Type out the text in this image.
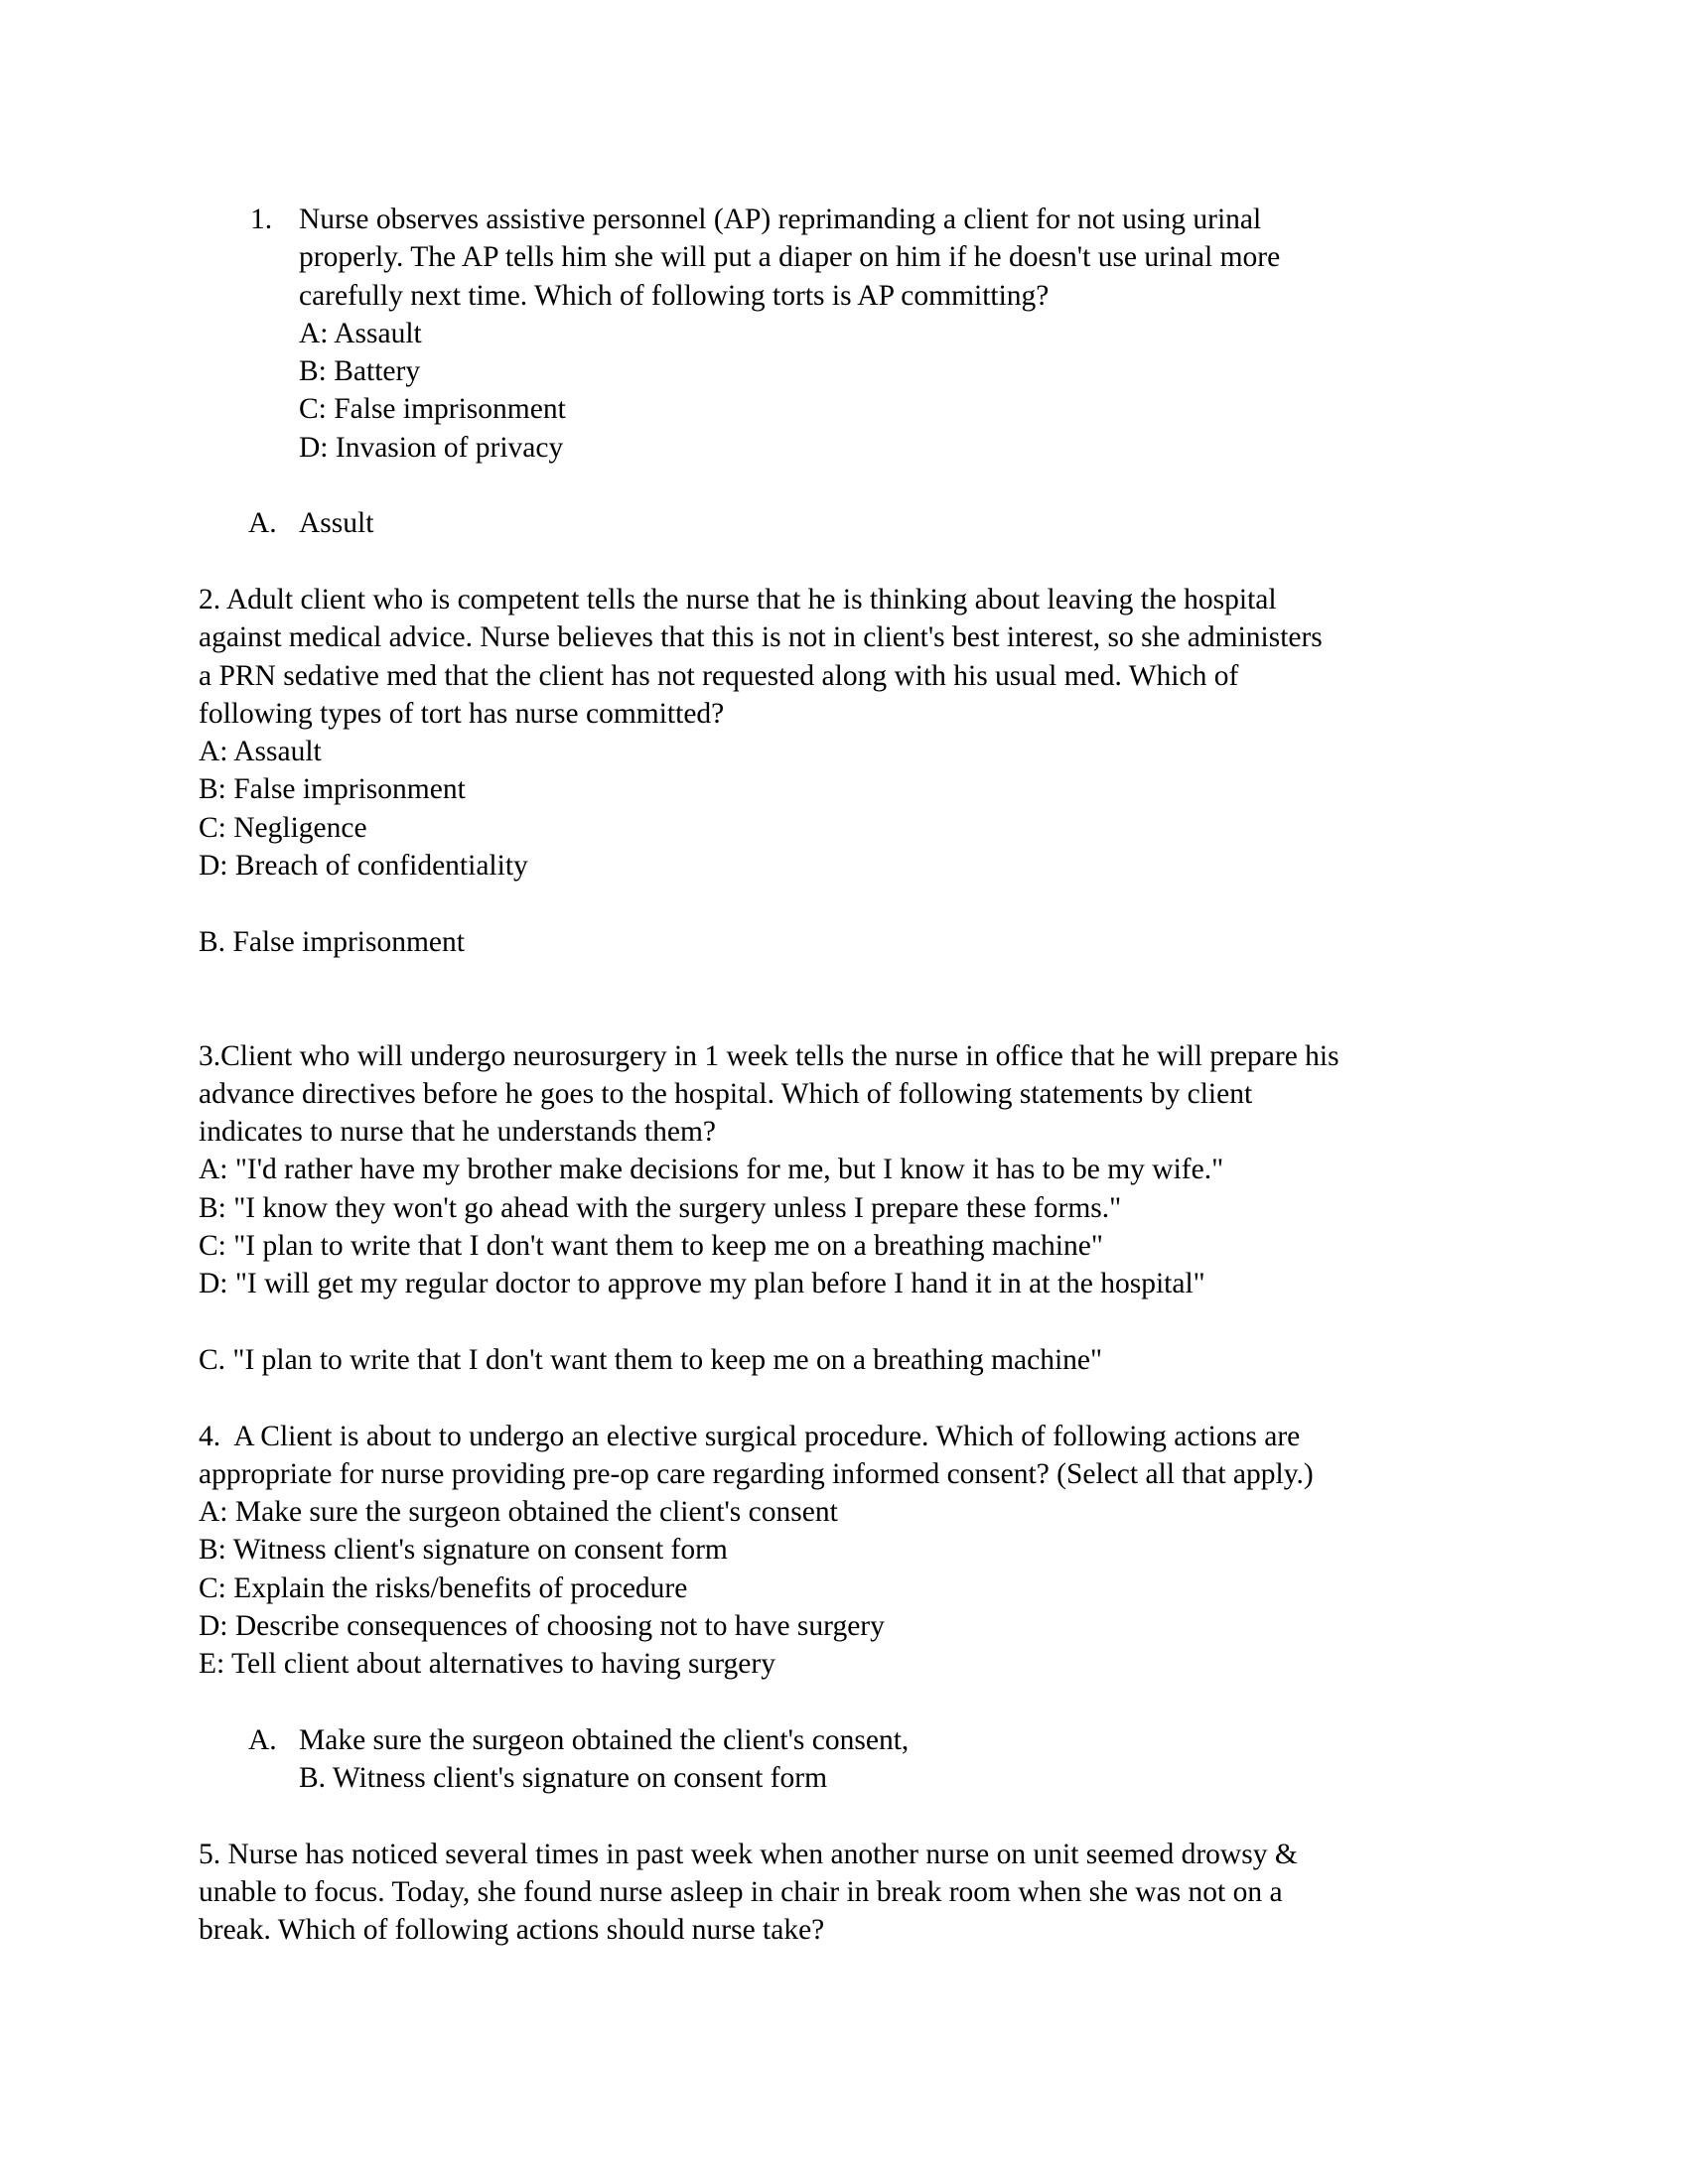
1. Nurse observes assistive personnel (AP) reprimanding a client for not using urinal
properly. The AP tells him she will put a diaper on him if he doesn't use urinal more
carefully next time. Which of following torts is AP committing?
A: Assault
B: Battery
C: False imprisonment
D: Invasion of privacy
A. Assult
2. Adult client who is competent tells the nurse that he is thinking about leaving the hospital
against medical advice. Nurse believes that this is not in client's best interest, so she administers
a PRN sedative med that the client has not requested along with his usual med. Which of
following types of tort has nurse committed?
A: Assault
B: False imprisonment
C: Negligence
D: Breach of confidentiality
B. False imprisonment
3.Client who will undergo neurosurgery in 1 week tells the nurse in office that he will prepare his
advance directives before he goes to the hospital. Which of following statements by client
indicates to nurse that he understands them?
A: "I'd rather have my brother make decisions for me, but I know it has to be my wife."
B: "I know they won't go ahead with the surgery unless I prepare these forms."
C: "I plan to write that I don't want them to keep me on a breathing machine"
D: "I will get my regular doctor to approve my plan before I hand it in at the hospital"
C. "I plan to write that I don't want them to keep me on a breathing machine"
4.  A Client is about to undergo an elective surgical procedure. Which of following actions are
appropriate for nurse providing pre-op care regarding informed consent? (Select all that apply.)
A: Make sure the surgeon obtained the client's consent
B: Witness client's signature on consent form
C: Explain the risks/benefits of procedure
D: Describe consequences of choosing not to have surgery
E: Tell client about alternatives to having surgery
A. Make sure the surgeon obtained the client's consent,
B. Witness client's signature on consent form
5. Nurse has noticed several times in past week when another nurse on unit seemed drowsy &
unable to focus. Today, she found nurse asleep in chair in break room when she was not on a
break. Which of following actions should nurse take?
